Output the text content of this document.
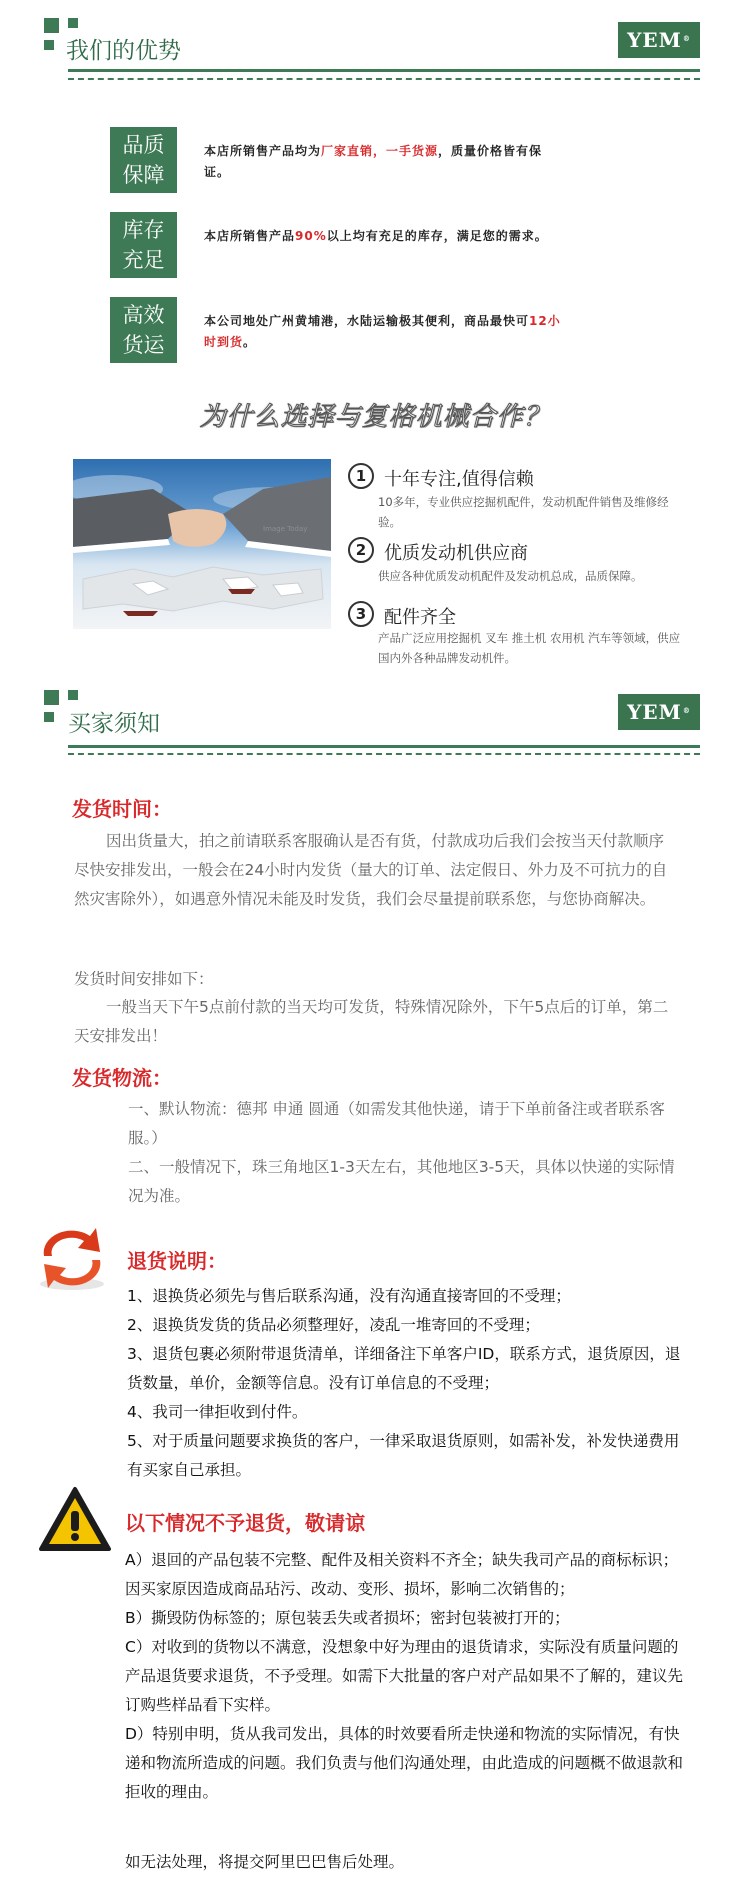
我们的优势	YEM®
品质
保障
本店所销售产品均为厂家直销，一手货源，质量价格皆有保证。
库存
充足
本店所销售产品90%以上均有充足的库存，满足您的需求。
高效
货运
本公司地处广州黄埔港，水陆运输极其便利，商品最快可12小时到货。
为什么选择与复格机械合作？
Image Today
1 十年专注,值得信赖
10多年，专业供应挖掘机配件，发动机配件销售及维修经验。
2 优质发动机供应商
供应各种优质发动机配件及发动机总成，品质保障。
3 配件齐全
产品广泛应用挖掘机 叉车 推土机 农用机 汽车等领域，供应国内外各种品牌发动机件。
买家须知	YEM®
发货时间：
因出货量大，拍之前请联系客服确认是否有货，付款成功后我们会按当天付款顺序尽快安排发出，一般会在24小时内发货（量大的订单、法定假日、外力及不可抗力的自然灾害除外），如遇意外情况未能及时发货，我们会尽量提前联系您，与您协商解决。
发货时间安排如下：
一般当天下午5点前付款的当天均可发货，特殊情况除外，下午5点后的订单，第二天安排发出！
发货物流：
一、默认物流：德邦 申通 圆通（如需发其他快递，请于下单前备注或者联系客服。）
二、一般情况下，珠三角地区1-3天左右，其他地区3-5天，具体以快递的实际情况为准。
退货说明：
1、退换货必须先与售后联系沟通，没有沟通直接寄回的不受理；
2、退换货发货的货品必须整理好，凌乱一堆寄回的不受理；
3、退货包裹必须附带退货清单，详细备注下单客户ID，联系方式，退货原因，退货数量，单价，金额等信息。没有订单信息的不受理；
4、我司一律拒收到付件。
5、对于质量问题要求换货的客户，一律采取退货原则，如需补发，补发快递费用有买家自己承担。
以下情况不予退货，敬请谅
A）退回的产品包装不完整、配件及相关资料不齐全；缺失我司产品的商标标识；因买家原因造成商品玷污、改动、变形、损坏，影响二次销售的；
B）撕毁防伪标签的；原包装丢失或者损坏；密封包装被打开的；
C）对收到的货物以不满意，没想象中好为理由的退货请求，实际没有质量问题的产品退货要求退货，不予受理。如需下大批量的客户对产品如果不了解的，建议先订购些样品看下实样。
D）特别申明，货从我司发出，具体的时效要看所走快递和物流的实际情况，有快递和物流所造成的问题。我们负责与他们沟通处理，由此造成的问题概不做退款和拒收的理由。
如无法处理，将提交阿里巴巴售后处理。
